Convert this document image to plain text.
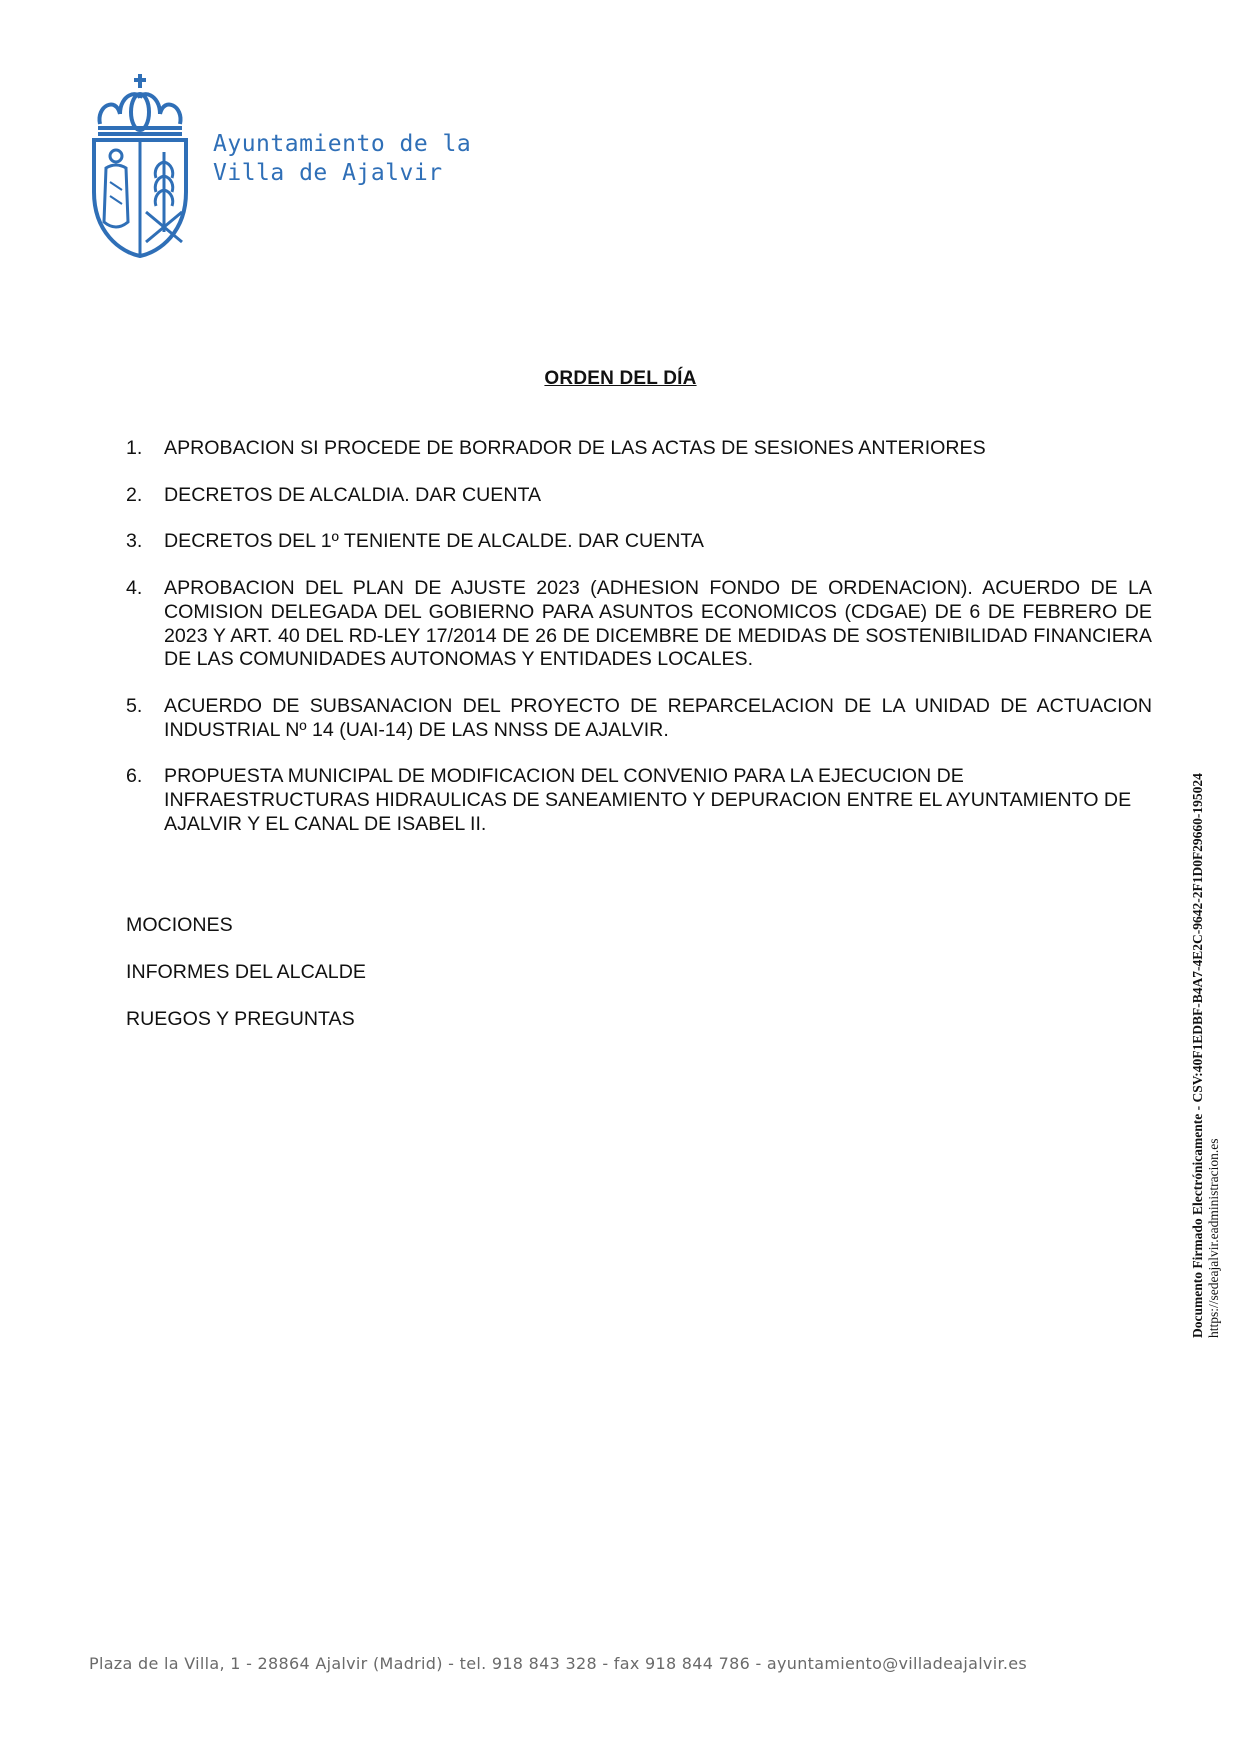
Ayuntamiento de la
Villa de Ajalvir
ORDEN DEL DÍA
1. APROBACION SI PROCEDE DE BORRADOR DE LAS ACTAS DE SESIONES ANTERIORES
2. DECRETOS DE ALCALDIA. DAR CUENTA
3. DECRETOS DEL 1º TENIENTE DE ALCALDE. DAR CUENTA
4. APROBACION DEL PLAN DE AJUSTE 2023 (ADHESION FONDO DE ORDENACION). ACUERDO DE LA COMISION DELEGADA DEL GOBIERNO PARA ASUNTOS ECONOMICOS (CDGAE) DE 6 DE FEBRERO DE 2023 Y ART. 40 DEL RD-LEY 17/2014 DE 26 DE DICEMBRE DE MEDIDAS DE SOSTENIBILIDAD FINANCIERA DE LAS COMUNIDADES AUTONOMAS Y ENTIDADES LOCALES.
5. ACUERDO DE SUBSANACION DEL PROYECTO DE REPARCELACION DE LA UNIDAD DE ACTUACION INDUSTRIAL Nº 14 (UAI-14) DE LAS NNSS DE AJALVIR.
6. PROPUESTA MUNICIPAL DE MODIFICACION DEL CONVENIO PARA LA EJECUCION DE INFRAESTRUCTURAS HIDRAULICAS DE SANEAMIENTO Y DEPURACION ENTRE EL AYUNTAMIENTO DE AJALVIR Y EL CANAL DE ISABEL II.
MOCIONES
INFORMES DEL ALCALDE
RUEGOS Y PREGUNTAS	Documento Firmado Electrónicamente - CSV:40F1EDBF-B4A7-4E2C-9642-2F1D0F29660-195024 https://sedeajalvir.eadministracion.es
Plaza de la Villa, 1 - 28864 Ajalvir (Madrid) - tel. 918 843 328 - fax 918 844 786 - ayuntamiento@villadeajalvir.es
